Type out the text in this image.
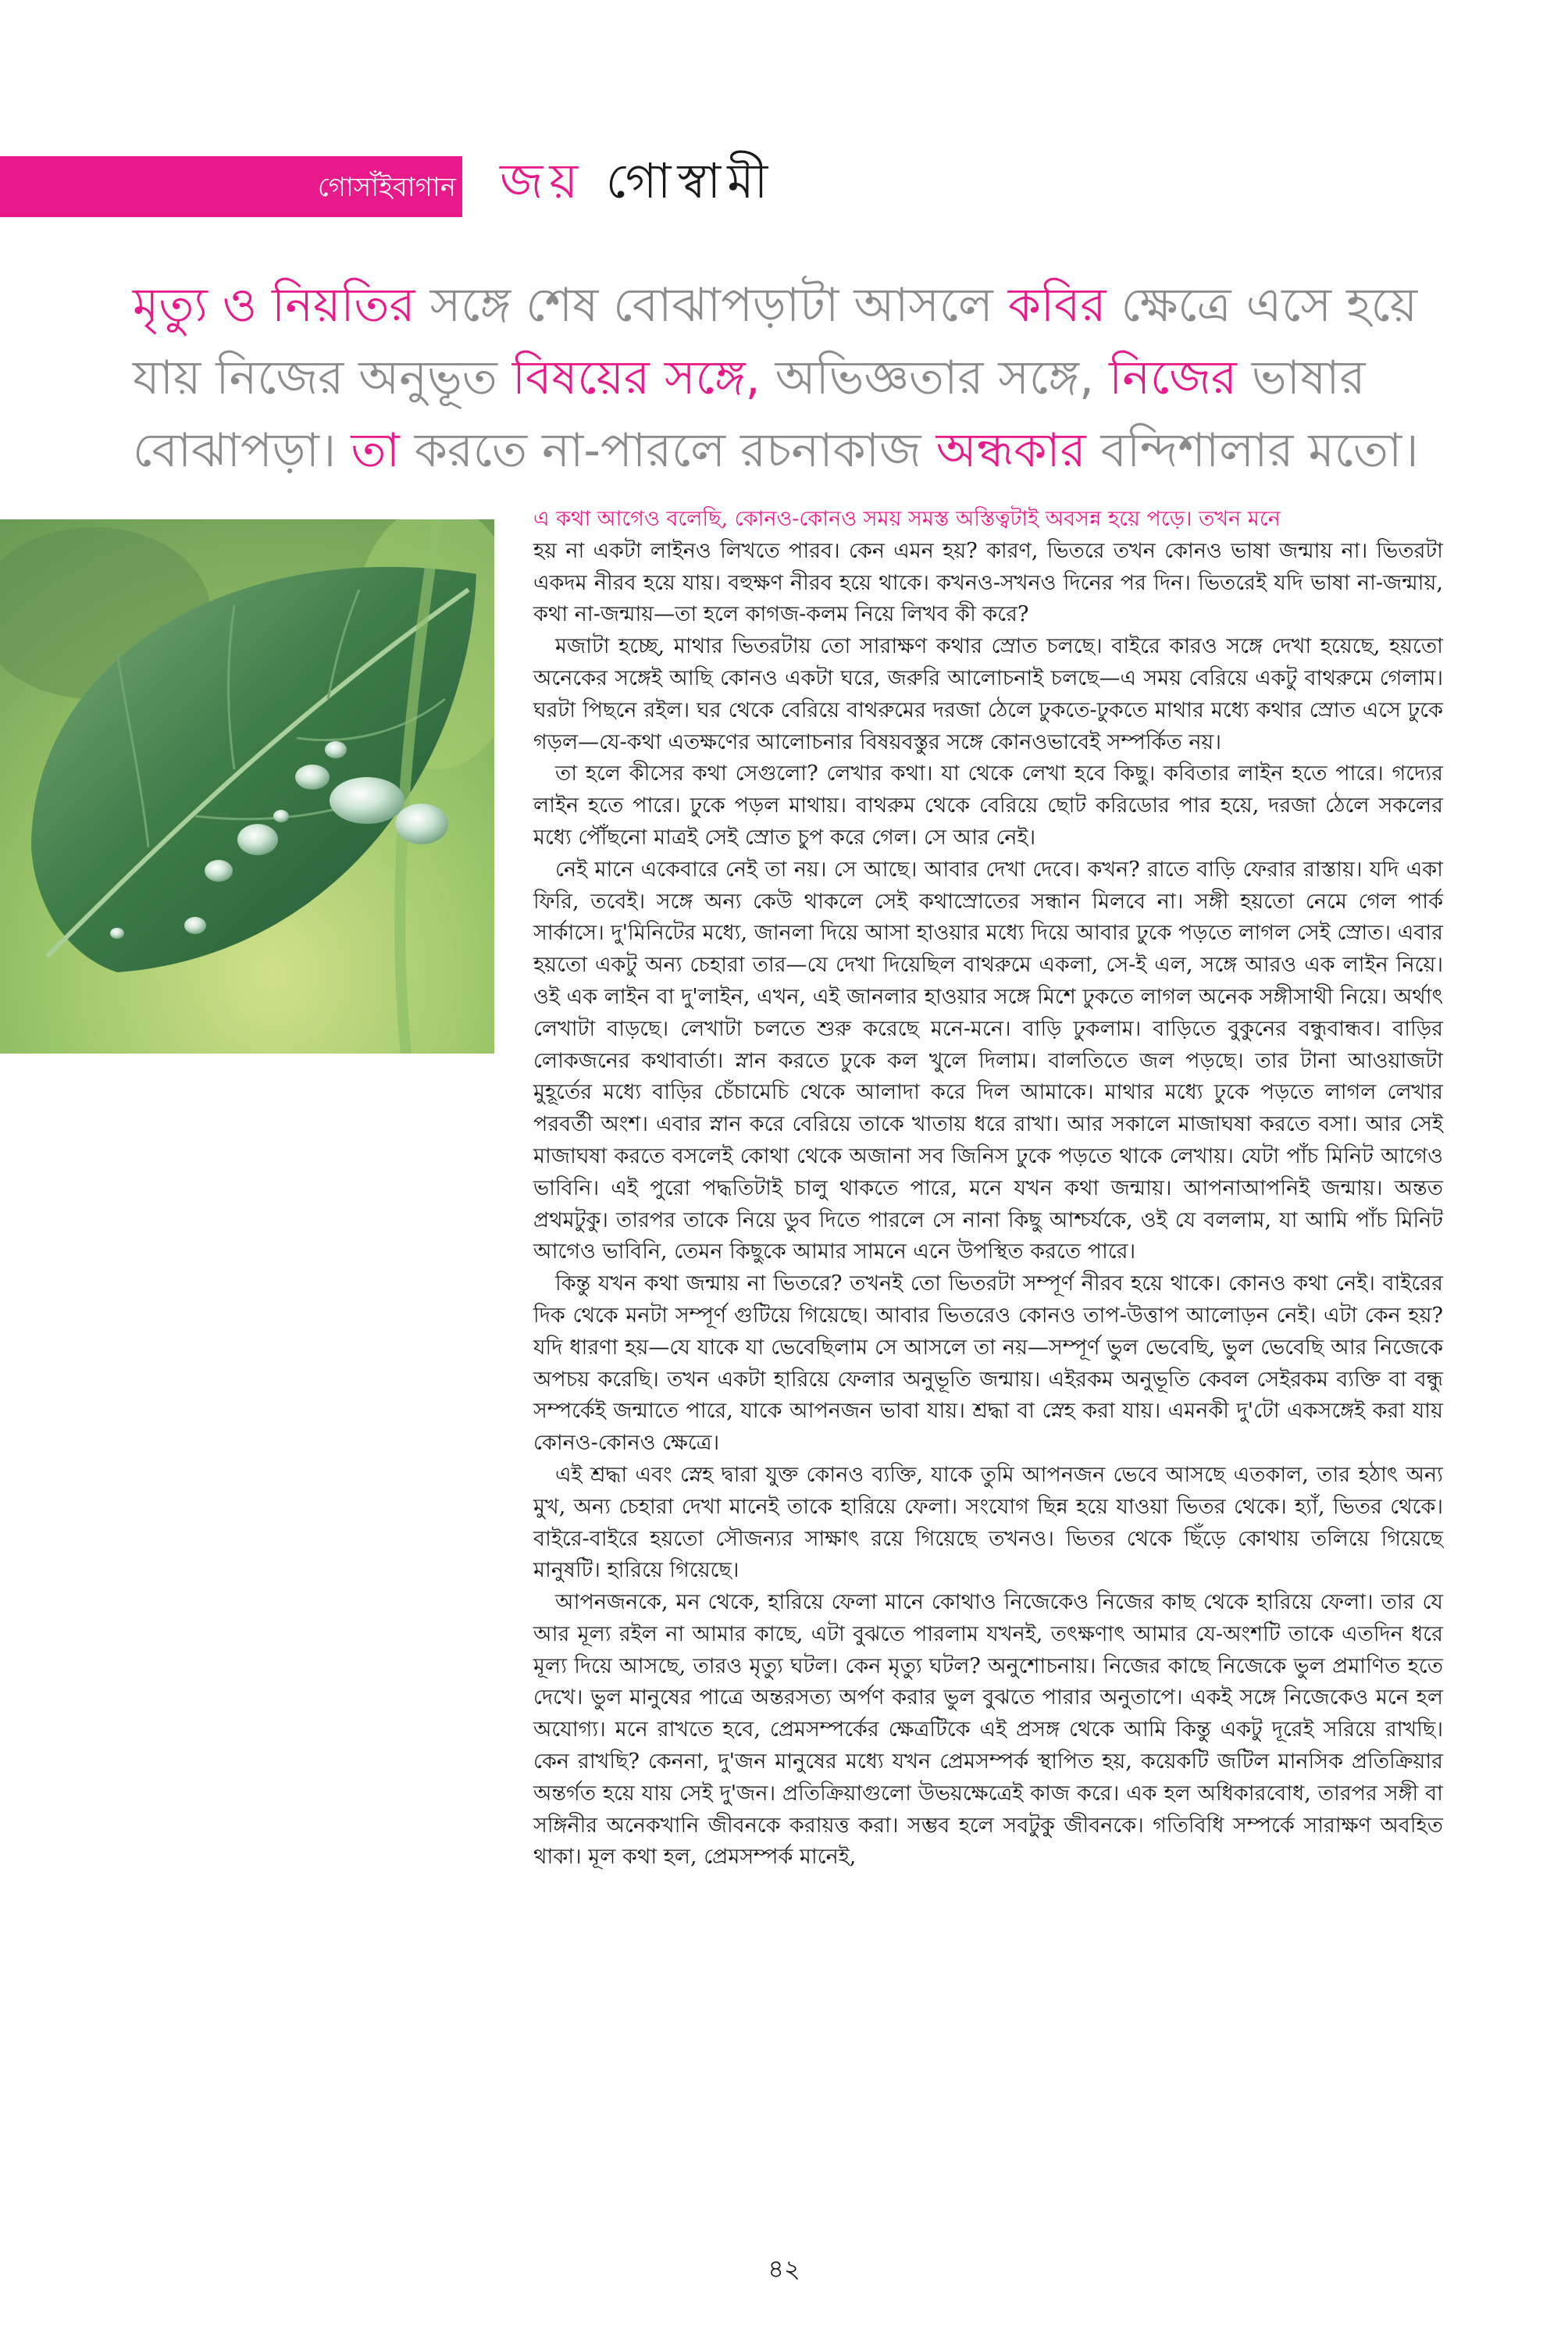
গোসাঁইবাগান জয় গোস্বামী
মৃত্যু ও নিয়তির সঙ্গে শেষ বোঝাপড়াটা আসলে কবির ক্ষেত্রে এসে হয়ে যায় নিজের অনুভূত বিষয়ের সঙ্গে, অভিজ্ঞতার সঙ্গে, নিজের ভাষার বোঝাপড়া। তা করতে না-পারলে রচনাকাজ অন্ধকার বন্দিশালার মতো।

এ কথা আগেও বলেছি, কোনও-কোনও সময় সমস্ত অস্তিত্বটাই অবসন্ন হয়ে পড়ে। তখন মনে

হয় না একটা লাইনও লিখতে পারব। কেন এমন হয়? কারণ, ভিতরে তখন কোনও ভাষা জন্মায় না। ভিতরটা একদম নীরব হয়ে যায়। বহুক্ষণ নীরব হয়ে থাকে। কখনও-সখনও দিনের পর দিন। ভিতরেই যদি ভাষা না-জন্মায়, কথা না-জন্মায়—তা হলে কাগজ-কলম নিয়ে লিখব কী করে?

মজাটা হচ্ছে, মাথার ভিতরটায় তো সারাক্ষণ কথার স্রোত চলছে। বাইরে কারও সঙ্গে দেখা হয়েছে, হয়তো অনেকের সঙ্গেই আছি কোনও একটা ঘরে, জরুরি আলোচনাই চলছে—এ সময় বেরিয়ে একটু বাথরুমে গেলাম। ঘরটা পিছনে রইল। ঘর থেকে বেরিয়ে বাথরুমের দরজা ঠেলে ঢুকতে-ঢুকতে মাথার মধ্যে কথার স্রোত এসে ঢুকে গড়ল—যে-কথা এতক্ষণের আলোচনার বিষয়বস্তুর সঙ্গে কোনওভাবেই সম্পর্কিত নয়।

তা হলে কীসের কথা সেগুলো? লেখার কথা। যা থেকে লেখা হবে কিছু। কবিতার লাইন হতে পারে। গদ্যের লাইন হতে পারে। ঢুকে পড়ল মাথায়। বাথরুম থেকে বেরিয়ে ছোট করিডোর পার হয়ে, দরজা ঠেলে সকলের মধ্যে পৌঁছনো মাত্রই সেই স্রোত চুপ করে গেল। সে আর নেই।

নেই মানে একেবারে নেই তা নয়। সে আছে। আবার দেখা দেবে। কখন? রাতে বাড়ি ফেরার রাস্তায়। যদি একা ফিরি, তবেই। সঙ্গে অন্য কেউ থাকলে সেই কথাস্রোতের সন্ধান মিলবে না। সঙ্গী হয়তো নেমে গেল পার্ক সার্কাসে। দু'মিনিটের মধ্যে, জানলা দিয়ে আসা হাওয়ার মধ্যে দিয়ে আবার ঢুকে পড়তে লাগল সেই স্রোত। এবার হয়তো একটু অন্য চেহারা তার—যে দেখা দিয়েছিল বাথরুমে একলা, সে-ই এল, সঙ্গে আরও এক লাইন নিয়ে। ওই এক লাইন বা দু'লাইন, এখন, এই জানলার হাওয়ার সঙ্গে মিশে ঢুকতে লাগল অনেক সঙ্গীসাথী নিয়ে। অর্থাৎ লেখাটা বাড়ছে। লেখাটা চলতে শুরু করেছে মনে-মনে। বাড়ি ঢুকলাম। বাড়িতে বুকুনের বন্ধুবান্ধব। বাড়ির লোকজনের কথাবার্তা। স্নান করতে ঢুকে কল খুলে দিলাম। বালতিতে জল পড়ছে। তার টানা আওয়াজটা মুহূর্তের মধ্যে বাড়ির চেঁচামেচি থেকে আলাদা করে দিল আমাকে। মাথার মধ্যে ঢুকে পড়তে লাগল লেখার পরবর্তী অংশ। এবার স্নান করে বেরিয়ে তাকে খাতায় ধরে রাখা। আর সকালে মাজাঘষা করতে বসা। আর সেই মাজাঘষা করতে বসলেই কোথা থেকে অজানা সব জিনিস ঢুকে পড়তে থাকে লেখায়। যেটা পাঁচ মিনিট আগেও ভাবিনি। এই পুরো পদ্ধতিটাই চালু থাকতে পারে, মনে যখন কথা জন্মায়। আপনাআপনিই জন্মায়। অন্তত প্রথমটুকু। তারপর তাকে নিয়ে ডুব দিতে পারলে সে নানা কিছু আশ্চর্যকে, ওই যে বললাম, যা আমি পাঁচ মিনিট আগেও ভাবিনি, তেমন কিছুকে আমার সামনে এনে উপস্থিত করতে পারে।

কিন্তু যখন কথা জন্মায় না ভিতরে? তখনই তো ভিতরটা সম্পূর্ণ নীরব হয়ে থাকে। কোনও কথা নেই। বাইরের দিক থেকে মনটা সম্পূর্ণ গুটিয়ে গিয়েছে। আবার ভিতরেও কোনও তাপ-উত্তাপ আলোড়ন নেই। এটা কেন হয়? যদি ধারণা হয়—যে যাকে যা ভেবেছিলাম সে আসলে তা নয়—সম্পূর্ণ ভুল ভেবেছি, ভুল ভেবেছি আর নিজেকে অপচয় করেছি। তখন একটা হারিয়ে ফেলার অনুভূতি জন্মায়। এইরকম অনুভূতি কেবল সেইরকম ব্যক্তি বা বন্ধু সম্পর্কেই জন্মাতে পারে, যাকে আপনজন ভাবা যায়। শ্রদ্ধা বা স্নেহ করা যায়। এমনকী দু'টো একসঙ্গেই করা যায় কোনও-কোনও ক্ষেত্রে।

এই শ্রদ্ধা এবং স্নেহ দ্বারা যুক্ত কোনও ব্যক্তি, যাকে তুমি আপনজন ভেবে আসছে এতকাল, তার হঠাৎ অন্য মুখ, অন্য চেহারা দেখা মানেই তাকে হারিয়ে ফেলা। সংযোগ ছিন্ন হয়ে যাওয়া ভিতর থেকে। হ্যাঁ, ভিতর থেকে। বাইরে-বাইরে হয়তো সৌজন্যর সাক্ষাৎ রয়ে গিয়েছে তখনও। ভিতর থেকে ছিঁড়ে কোথায় তলিয়ে গিয়েছে মানুষটি। হারিয়ে গিয়েছে।

আপনজনকে, মন থেকে, হারিয়ে ফেলা মানে কোথাও নিজেকেও নিজের কাছ থেকে হারিয়ে ফেলা। তার যে আর মূল্য রইল না আমার কাছে, এটা বুঝতে পারলাম যখনই, তৎক্ষণাৎ আমার যে-অংশটি তাকে এতদিন ধরে মূল্য দিয়ে আসছে, তারও মৃত্যু ঘটল। কেন মৃত্যু ঘটল? অনুশোচনায়। নিজের কাছে নিজেকে ভুল প্রমাণিত হতে দেখে। ভুল মানুষের পাত্রে অন্তরসত্য অর্পণ করার ভুল বুঝতে পারার অনুতাপে। একই সঙ্গে নিজেকেও মনে হল অযোগ্য। মনে রাখতে হবে, প্রেমসম্পর্কের ক্ষেত্রটিকে এই প্রসঙ্গ থেকে আমি কিন্তু একটু দূরেই সরিয়ে রাখছি। কেন রাখছি? কেননা, দু'জন মানুষের মধ্যে যখন প্রেমসম্পর্ক স্থাপিত হয়, কয়েকটি জটিল মানসিক প্রতিক্রিয়ার অন্তর্গত হয়ে যায় সেই দু'জন। প্রতিক্রিয়াগুলো উভয়ক্ষেত্রেই কাজ করে। এক হল অধিকারবোধ, তারপর সঙ্গী বা সঙ্গিনীর অনেকখানি জীবনকে করায়ত্ত করা। সম্ভব হলে সবটুকু জীবনকে। গতিবিধি সম্পর্কে সারাক্ষণ অবহিত থাকা। মূল কথা হল, প্রেমসম্পর্ক মানেই,

৪২
